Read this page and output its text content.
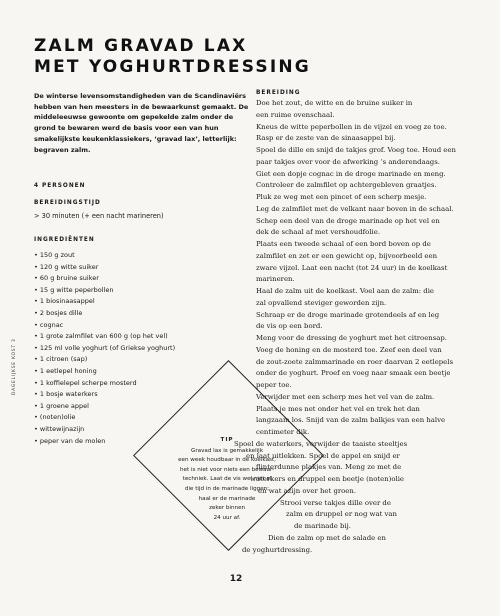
ZALM GRAVAD LAX
MET YOGHURTDRESSING
DAGELIJKSE KOST 3

De winterse levensomstandigheden van de Scandinaviërs hebben van hen meesters in de bewaarkunst gemaakt. De middeleeuwse gewoonte om gepekelde zalm onder de grond te bewaren werd de basis voor een van hun smakelijkste keukenklassiekers, ‘gravad lax’, letterlijk: begraven zalm.

4 PERSONEN

BEREIDINGSTIJD

> 30 minuten (+ een nacht marineren)

INGREDIËNTEN

• 150 g zout
• 120 g witte suiker
• 60 g bruine suiker
• 15 g witte peperbollen
• 1 biosinaasappel
• 2 bosjes dille
• cognac
• 1 grote zalmfilet van 600 g (op het vel)
• 125 ml volle yoghurt (of Griekse yoghurt)
• 1 citroen (sap)
• 1 eetlepel honing
• 1 koffielepel scherpe mosterd
• 1 bosje waterkers
• 1 groene appel
• (noten)olie
• wittewijnazijn
• peper van de molen
BEREIDING
Doe het zout, de witte en de bruine suiker in
een ruime ovenschaal.
Kneus de witte peperbollen in de vijzel en voeg ze toe.
Rasp er de zeste van de sinaasappel bij.
Spoel de dille en snijd de takjes grof. Voeg toe. Houd een
paar takjes over voor de afwerking ‘s anderendaags.
Giet een dopje cognac in de droge marinade en meng.
Controleer de zalmfilet op achtergebleven graatjes.
Pluk ze weg met een pincet of een scherp mesje.
Leg de zalmfilet met de velkant naar boven in de schaal.
Schep een deel van de droge marinade op het vel en
dek de schaal af met vershoudfolie.
Plaats een tweede schaal of een bord boven op de
zalmfilet en zet er een gewicht op, bijvoorbeeld een
zware vijzel. Laat een nacht (tot 24 uur) in de koelkast
marineren.
Haal de zalm uit de koelkast. Voel aan de zalm: die
zal opvallend steviger geworden zijn.
Schraap er de droge marinade grotendeels af en leg
de vis op een bord.
Meng voor de dressing de yoghurt met het citroensap.
Voeg de honing en de mosterd toe. Zeef een deel van
de zout-zoete zalmmarinade en roer daarvan 2 eetlepels
onder de yoghurt. Proef en voeg naar smaak een beetje
peper toe.
Verwijder met een scherp mes het vel van de zalm.
Plaats je mes net onder het vel en trek het dan
langzaam los. Snijd van de zalm balkjes van een halve
centimeter dik.
Spoel de waterkers, verwijder de taaiste steeltjes
en laat uitlekken. Spoel de appel en snijd er
flinterdunne plakjes van. Meng ze met de
waterkers en druppel een beetje (noten)olie
en wat azijn over het groen.
Strooi verse takjes dille over de
zalm en druppel er nog wat van
de marinade bij.
Dien de zalm op met de salade en
de yoghurtdressing.
TIP
Gravad lax is gemakkelijk
een week houdbaar in de koelkast,
het is niet voor niets een bewaar-
techniek. Laat de vis wel niet al
die tijd in de marinade liggen;
haal er de marinade
zeker binnen
24 uur af.
12
